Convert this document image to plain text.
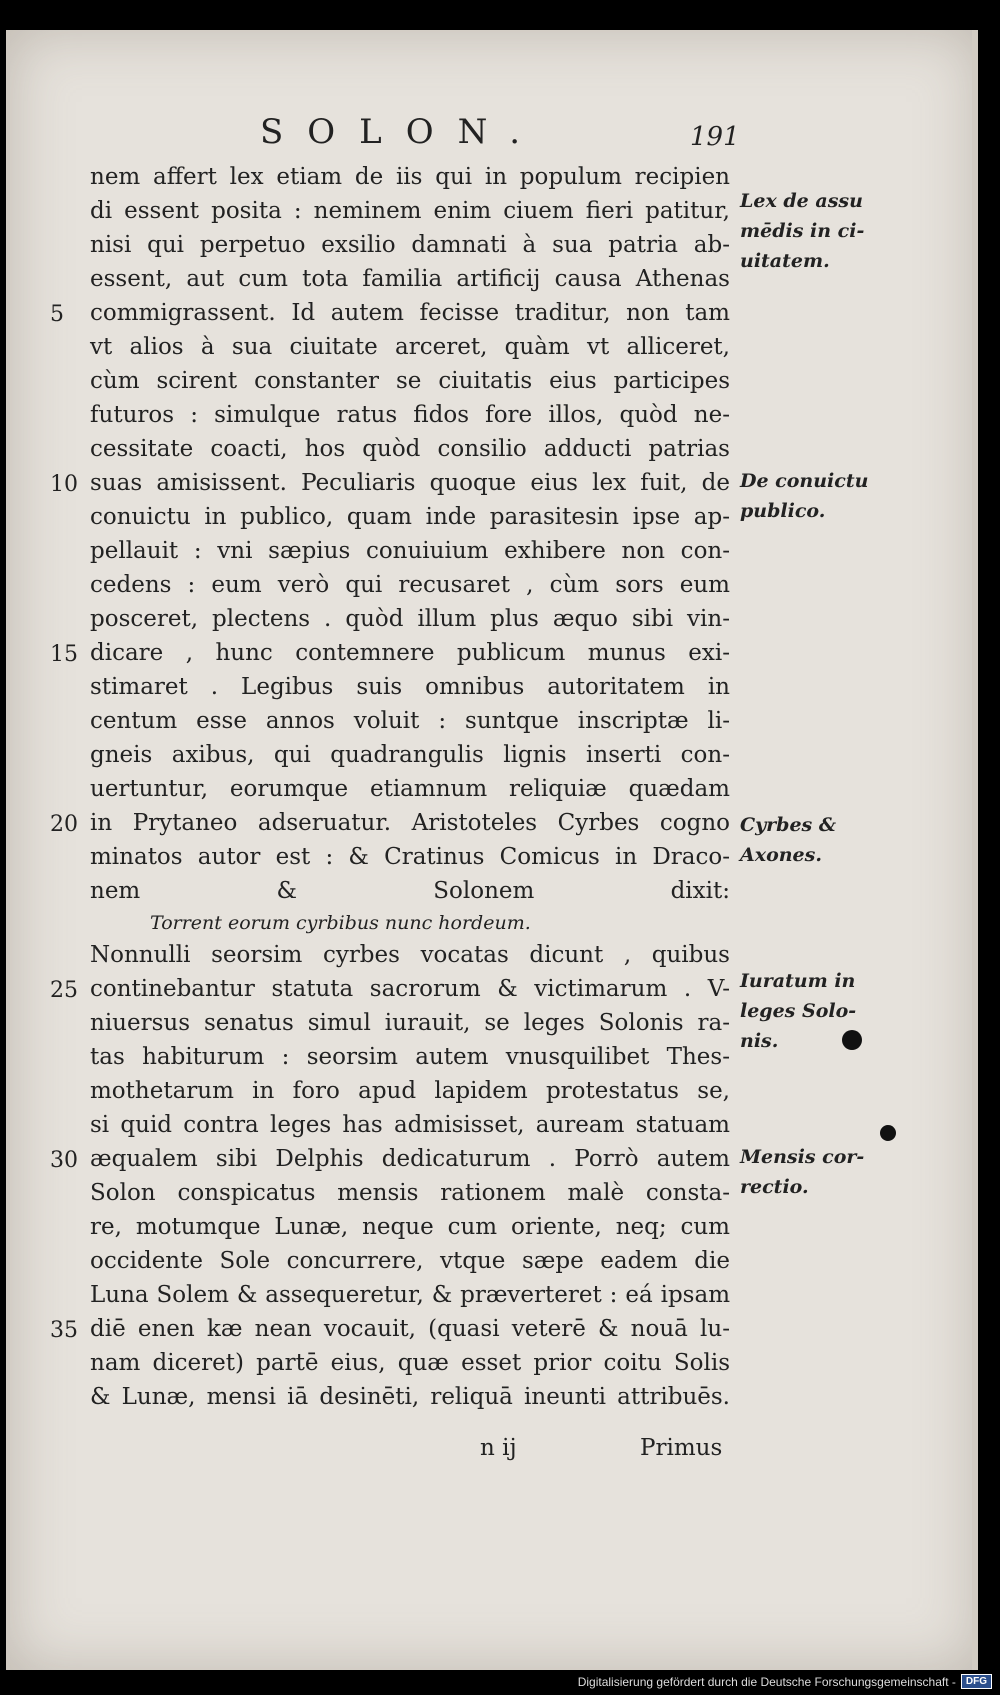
SOLON.	191
nem affert lex etiam de iis qui in populum recipien
di essent posita : neminem enim ciuem fieri patitur,
nisi qui perpetuo exsilio damnati à sua patria ab-
essent, aut cum tota familia artificij causa Athenas
5	commigrassent. Id autem fecisse traditur, non tam
vt alios à sua ciuitate arceret, quàm vt alliceret,
cùm scirent constanter se ciuitatis eius participes
futuros : simulque ratus fidos fore illos, quòd ne-
cessitate coacti, hos quòd consilio adducti patrias
10 suas amisissent. Peculiaris quoque eius lex fuit, de
conuictu in publico, quam inde parasitesin ipse ap-
pellauit : vni sæpius conuiuium exhibere non con-
cedens : eum verò qui recusaret , cùm sors eum
posceret, plectens . quòd illum plus æquo sibi vin-
15 dicare , hunc contemnere publicum munus exi-
stimaret . Legibus suis omnibus autoritatem in
centum esse annos voluit : suntque inscriptæ li-
gneis axibus, qui quadrangulis lignis inserti con-
uertuntur, eorumque etiamnum reliquiæ quædam
20 in Prytaneo adseruatur. Aristoteles Cyrbes cogno
minatos autor est : & Cratinus Comicus in Draco-
nem & Solonem dixit:
Torrent eorum cyrbibus nunc hordeum.
Nonnulli seorsim cyrbes vocatas dicunt , quibus
25 continebantur statuta sacrorum & victimarum . V-
niuersus senatus simul iurauit, se leges Solonis ra-
tas habiturum : seorsim autem vnusquilibet Thes-
mothetarum in foro apud lapidem protestatus se,
si quid contra leges has admisisset, auream statuam
30 æqualem sibi Delphis dedicaturum . Porrò autem
Solon conspicatus mensis rationem malè consta-
re, motumque Lunæ, neque cum oriente, neq; cum
occidente Sole concurrere, vtque sæpe eadem die
Luna Solem & assequeretur, & præverteret : eá ipsam
35 diē enen kæ nean vocauit, (quasi veterē & nouā lu-
nam diceret) partē eius, quæ esset prior coitu Solis
& Lunæ, mensi iā desinēti, reliquā ineunti attribuēs.
Lex de assu
mēdis in ci-
uitatem.
De conuictu
publico.
Cyrbes &
Axones.
Iuratum in
leges Solo-
nis.
Mensis cor-
rectio.
n ij	Primus
Digitalisierung gefördert durch die Deutsche Forschungsgemeinschaft -	DFG
